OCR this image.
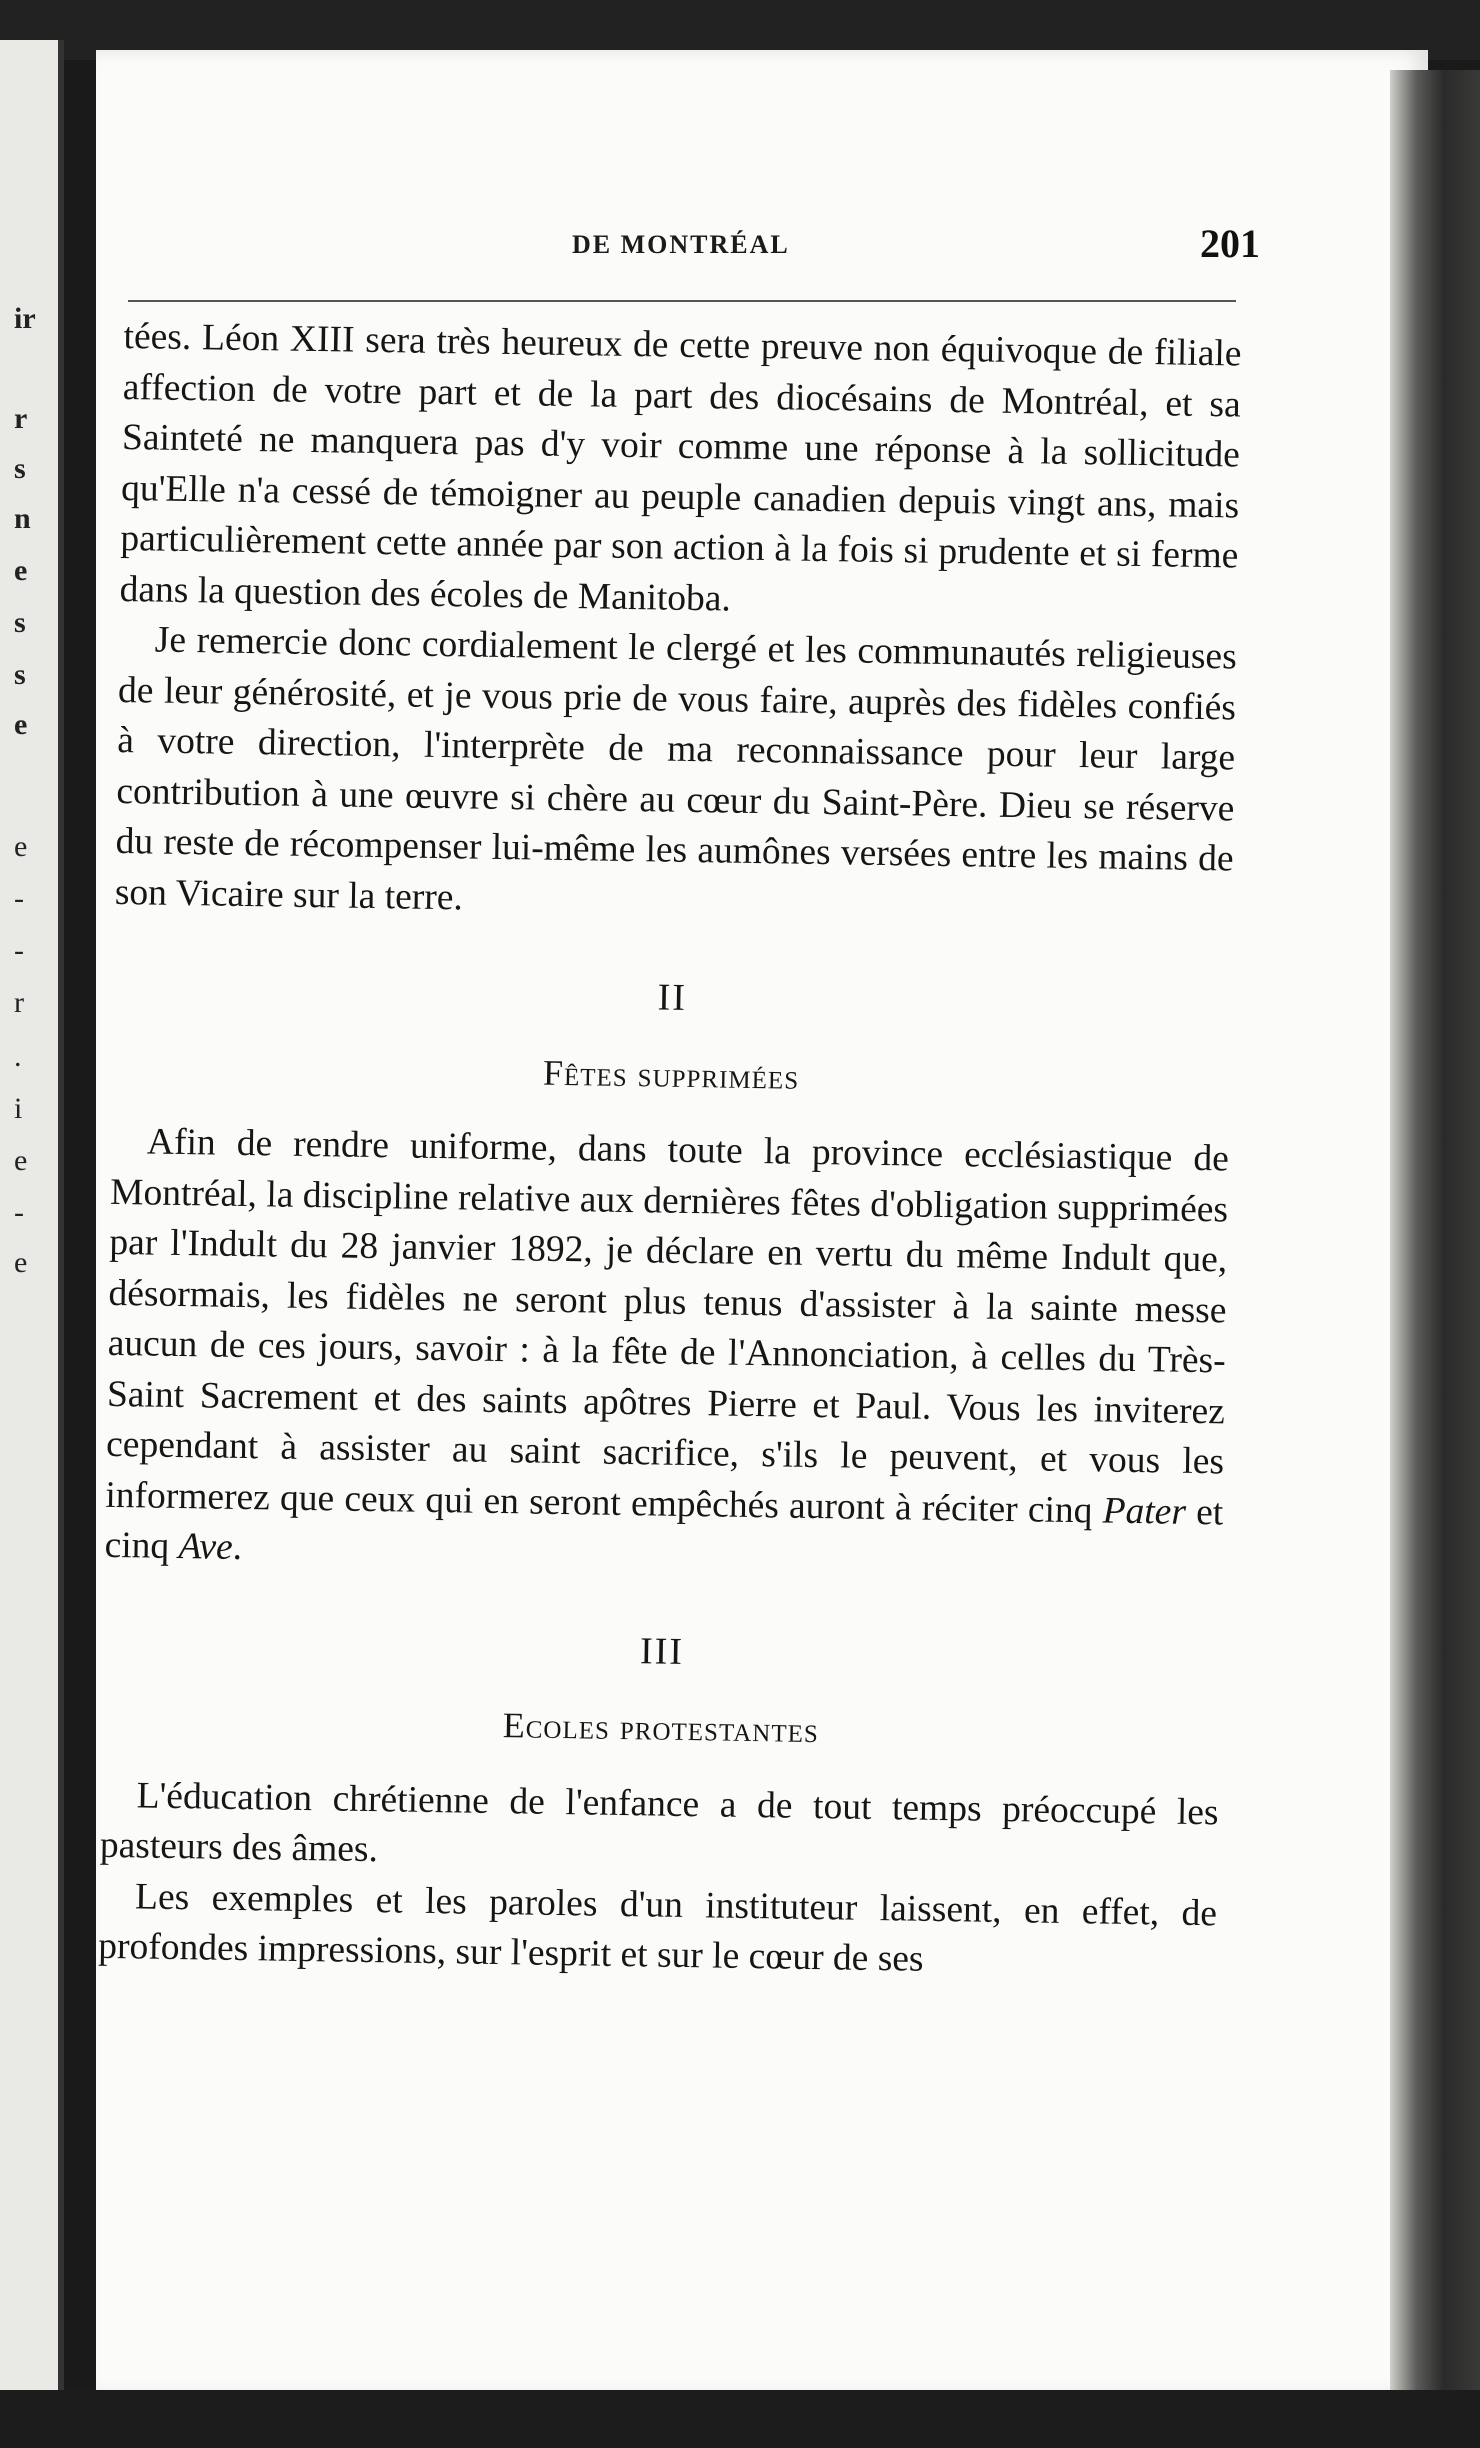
ir
r
s
n
e
s
s
e
e
-
-
r
.
i
e
-
e
DE MONTRÉAL	201

tées. Léon XIII sera très heureux de cette preuve non équivoque de filiale affection de votre part et de la part des diocésains de Montréal, et sa Sainteté ne manquera pas d'y voir comme une réponse à la sollicitude qu'Elle n'a cessé de témoigner au peuple canadien depuis vingt ans, mais particulièrement cette année par son action à la fois si prudente et si ferme dans la question des écoles de Manitoba.

Je remercie donc cordialement le clergé et les communautés religieuses de leur générosité, et je vous prie de vous faire, auprès des fidèles confiés à votre direction, l'interprète de ma reconnaissance pour leur large contribution à une œuvre si chère au cœur du Saint-Père. Dieu se réserve du reste de récompenser lui-même les aumônes versées entre les mains de son Vicaire sur la terre.

II
Fêtes supprimées

Afin de rendre uniforme, dans toute la province ecclésiastique de Montréal, la discipline relative aux dernières fêtes d'obligation supprimées par l'Indult du 28 janvier 1892, je déclare en vertu du même Indult que, désormais, les fidèles ne seront plus tenus d'assister à la sainte messe aucun de ces jours, savoir : à la fête de l'Annonciation, à celles du Très-Saint Sacrement et des saints apôtres Pierre et Paul. Vous les inviterez cependant à assister au saint sacrifice, s'ils le peuvent, et vous les informerez que ceux qui en seront empêchés auront à réciter cinq Pater et cinq Ave.

III
Ecoles protestantes

L'éducation chrétienne de l'enfance a de tout temps préoccupé les pasteurs des âmes.

Les exemples et les paroles d'un instituteur laissent, en effet, de profondes impressions, sur l'esprit et sur le cœur de ses
